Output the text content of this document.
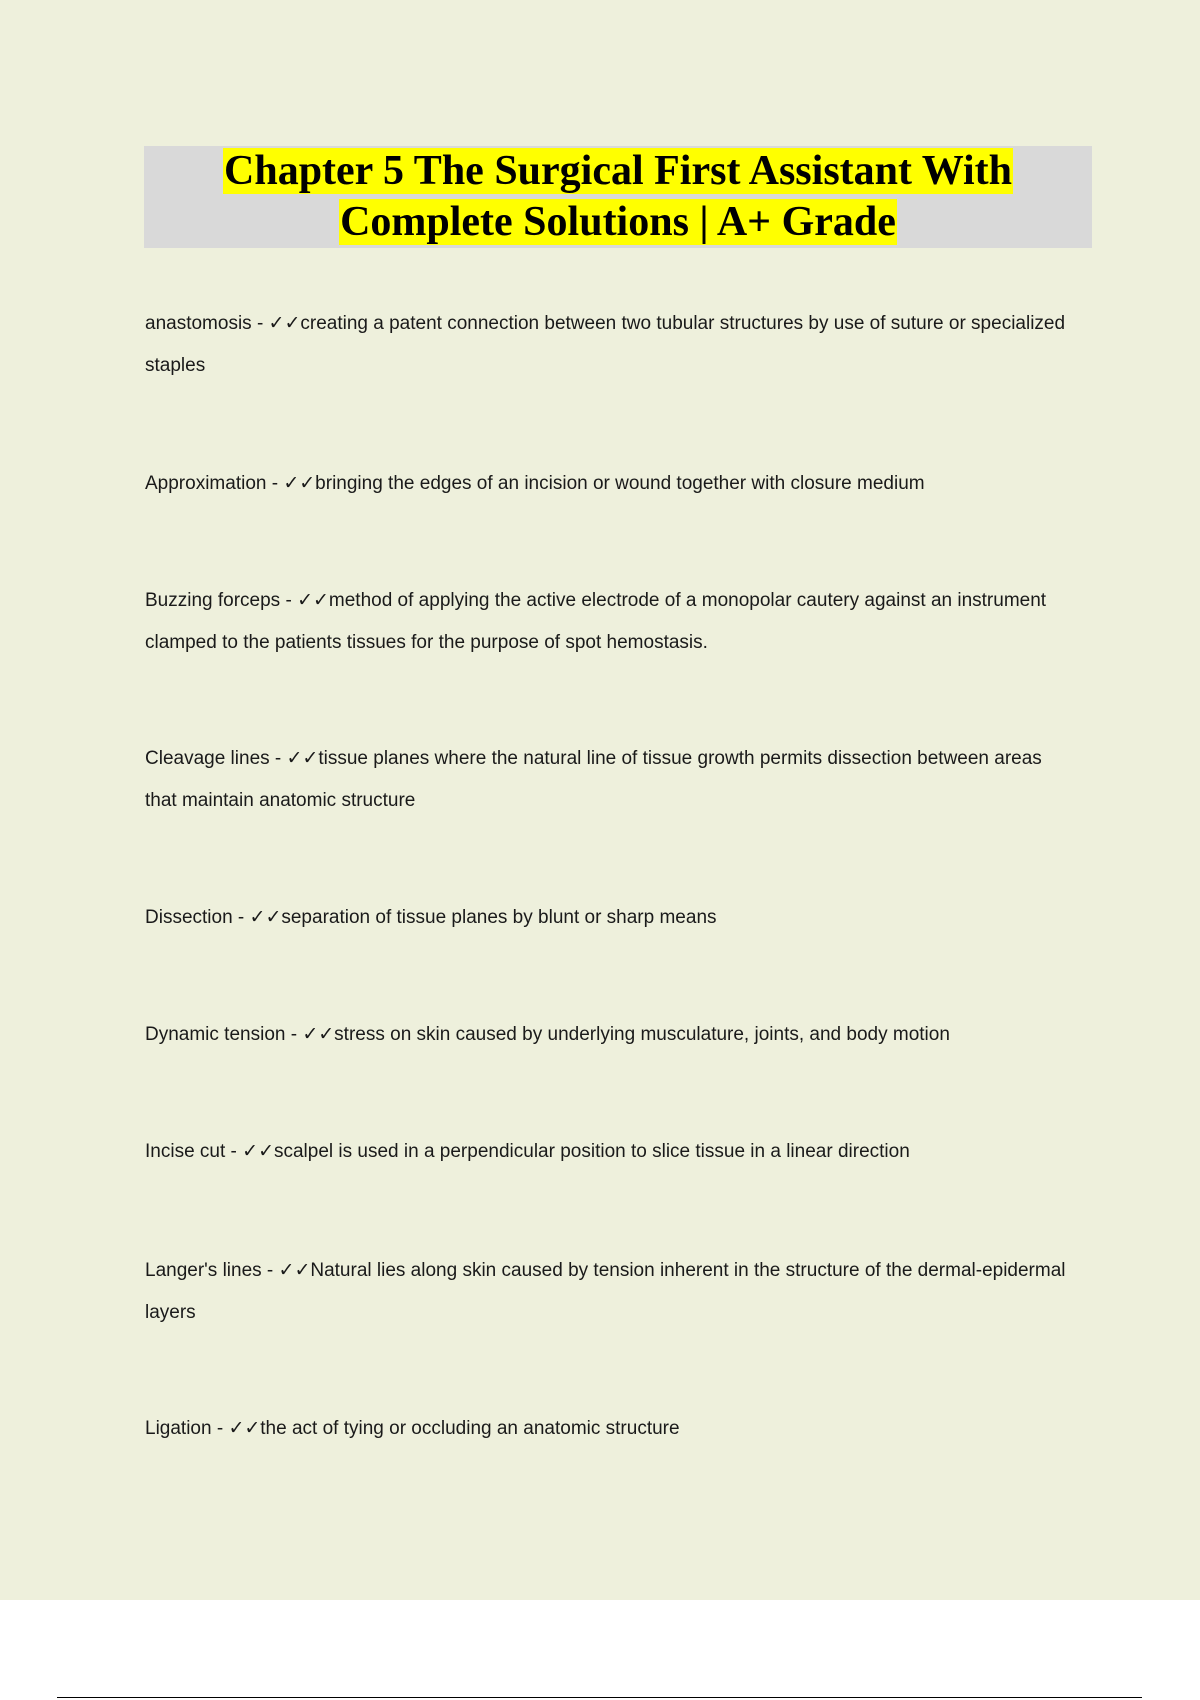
Chapter 5 The Surgical First Assistant With
Complete Solutions | A+ Grade
anastomosis - ✓✓creating a patent connection between two tubular structures by use of suture or specialized staples
Approximation - ✓✓bringing the edges of an incision or wound together with closure medium
Buzzing forceps - ✓✓method of applying the active electrode of a monopolar cautery against an instrument clamped to the patients tissues for the purpose of spot hemostasis.
Cleavage lines - ✓✓tissue planes where the natural line of tissue growth permits dissection between areas that maintain anatomic structure
Dissection - ✓✓separation of tissue planes by blunt or sharp means
Dynamic tension - ✓✓stress on skin caused by underlying musculature, joints, and body motion
Incise cut - ✓✓scalpel is used in a perpendicular position to slice tissue in a linear direction
Langer's lines - ✓✓Natural lies along skin caused by tension inherent in the structure of the dermal-epidermal layers
Ligation - ✓✓the act of tying or occluding an anatomic structure
